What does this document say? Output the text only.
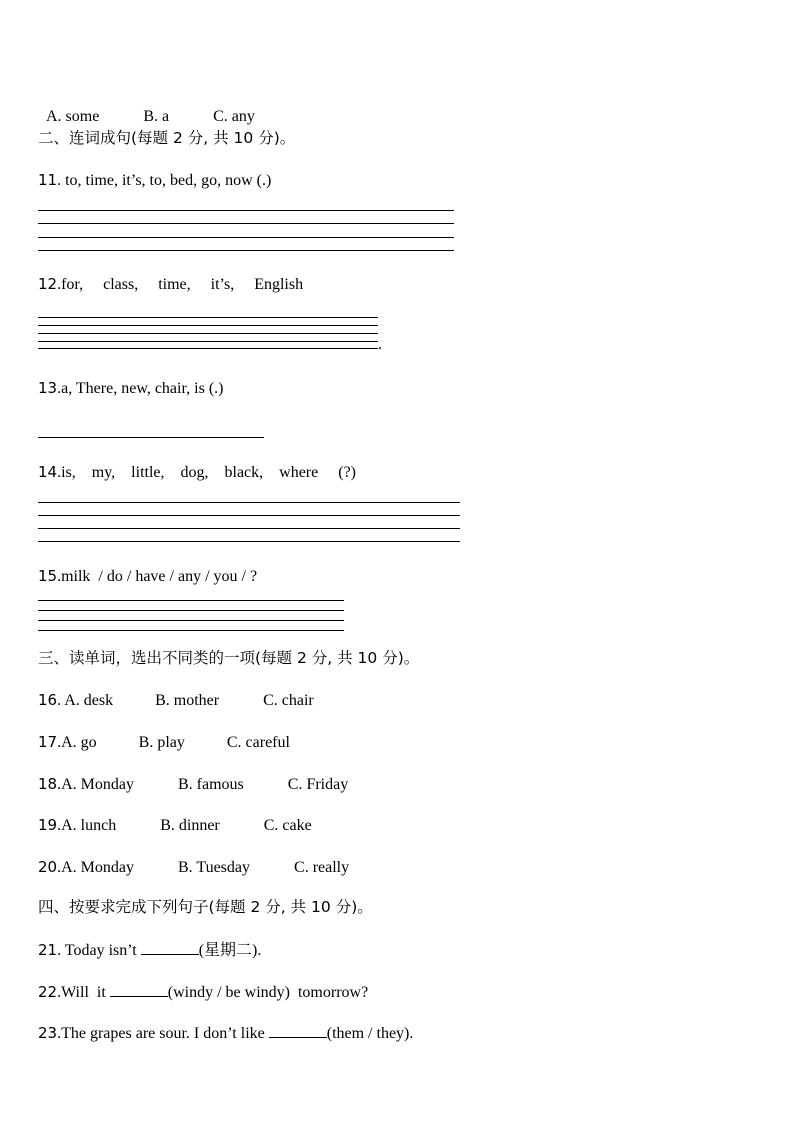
A. some	B. a	C. any

二、连词成句(每题 2 分, 共 10 分)。
11. to, time, it’s, to, bed, go, now (.)
12.for,     class,     time,     it’s,     English
.
13.a, There, new, chair, is (.)
14.is,    my,    little,    dog,    black,    where     (?)
15.milk  / do / have / any / you / ?
三、读单词，选出不同类的一项(每题 2 分, 共 10 分)。
16. A. desk	B. mother	C. chair
17.A. go	B. play	C. careful
18.A. Monday	B. famous	C. Friday
19.A. lunch	B. dinner	C. cake
20.A. Monday	B. Tuesday	C. really
四、按要求完成下列句子(每题 2 分, 共 10 分)。
21. Today isn’t	(星期二).
22.Will  it	(windy / be windy)  tomorrow?
23.The grapes are sour. I don’t like	(them / they).
